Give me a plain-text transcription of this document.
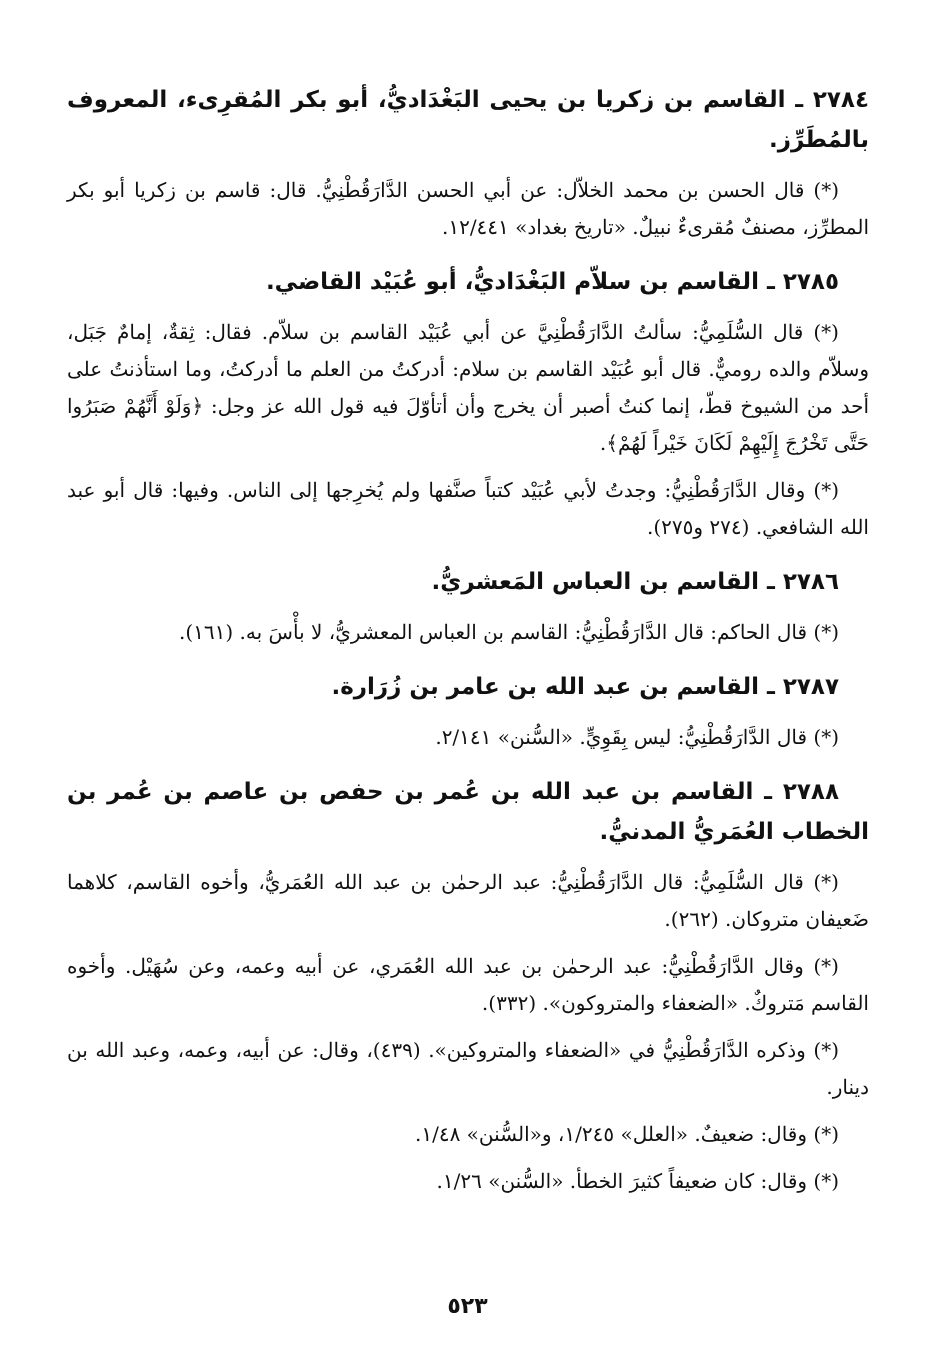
٢٧٨٤ ـ القاسم بن زكريا بن يحيى البَغْدَاديُّ، أبو بكر المُقرِىء، المعروف بالمُطَرِّز.

(*) قال الحسن بن محمد الخلاّل: عن أبي الحسن الدَّارَقُطْنِيُّ. قال: قاسم بن زكريا أبو بكر المطرِّز، مصنفٌ مُقرىءٌ نبيلٌ. «تاريخ بغداد» ١٢/٤٤١.

٢٧٨٥ ـ القاسم بن سلاّم البَغْدَاديُّ، أبو عُبَيْد القاضي.

(*) قال السُّلَمِيُّ: سألتُ الدَّارَقُطْنِيَّ عن أبي عُبَيْد القاسم بن سلاّم. فقال: ثِقةٌ، إمامٌ جَبَل، وسلاّم والده روميٌّ. قال أبو عُبَيْد القاسم بن سلام: أدركتُ من العلم ما أدركتُ، وما استأذنتُ على أحد من الشيوخ قطّ، إنما كنتُ أصبر أن يخرج وأن أتأوّلَ فيه قول الله عز وجل: ﴿وَلَوْ أَنَّهُمْ صَبَرُوا حَتَّى تَخْرُجَ إِلَيْهِمْ لَكَانَ خَيْراً لَهُمْ﴾.

(*) وقال الدَّارَقُطْنِيُّ: وجدتُ لأبي عُبَيْد كتباً صنَّفها ولم يُخرِجها إلى الناس. وفيها: قال أبو عبد الله الشافعي. (٢٧٤ و٢٧٥).

٢٧٨٦ ـ القاسم بن العباس المَعشريُّ.

(*) قال الحاكم: قال الدَّارَقُطْنِيُّ: القاسم بن العباس المعشريُّ، لا بأْسَ به. (١٦١).

٢٧٨٧ ـ القاسم بن عبد الله بن عامر بن زُرَارة.

(*) قال الدَّارَقُطْنِيُّ: ليس بِقَوِيٍّ. «السُّنن» ٢/١٤١.

٢٧٨٨ ـ القاسم بن عبد الله بن عُمر بن حفص بن عاصم بن عُمر بن الخطاب العُمَريُّ المدنيُّ.

(*) قال السُّلَمِيُّ: قال الدَّارَقُطْنِيُّ: عبد الرحمٰن بن عبد الله العُمَريُّ، وأخوه القاسم، كلاهما ضَعيفان متروكان. (٢٦٢).

(*) وقال الدَّارَقُطْنِيُّ: عبد الرحمٰن بن عبد الله العُمَري، عن أبيه وعمه، وعن سُهَيْل. وأخوه القاسم مَتروكٌ. «الضعفاء والمتروكون». (٣٣٢).

(*) وذكره الدَّارَقُطْنِيُّ في «الضعفاء والمتروكين». (٤٣٩)، وقال: عن أبيه، وعمه، وعبد الله بن دينار.

(*) وقال: ضعيفٌ. «العلل» ١/٢٤٥، و«السُّنن» ١/٤٨.

(*) وقال: كان ضعيفاً كثيرَ الخطأ. «السُّنن» ١/٢٦.

٥٢٣
